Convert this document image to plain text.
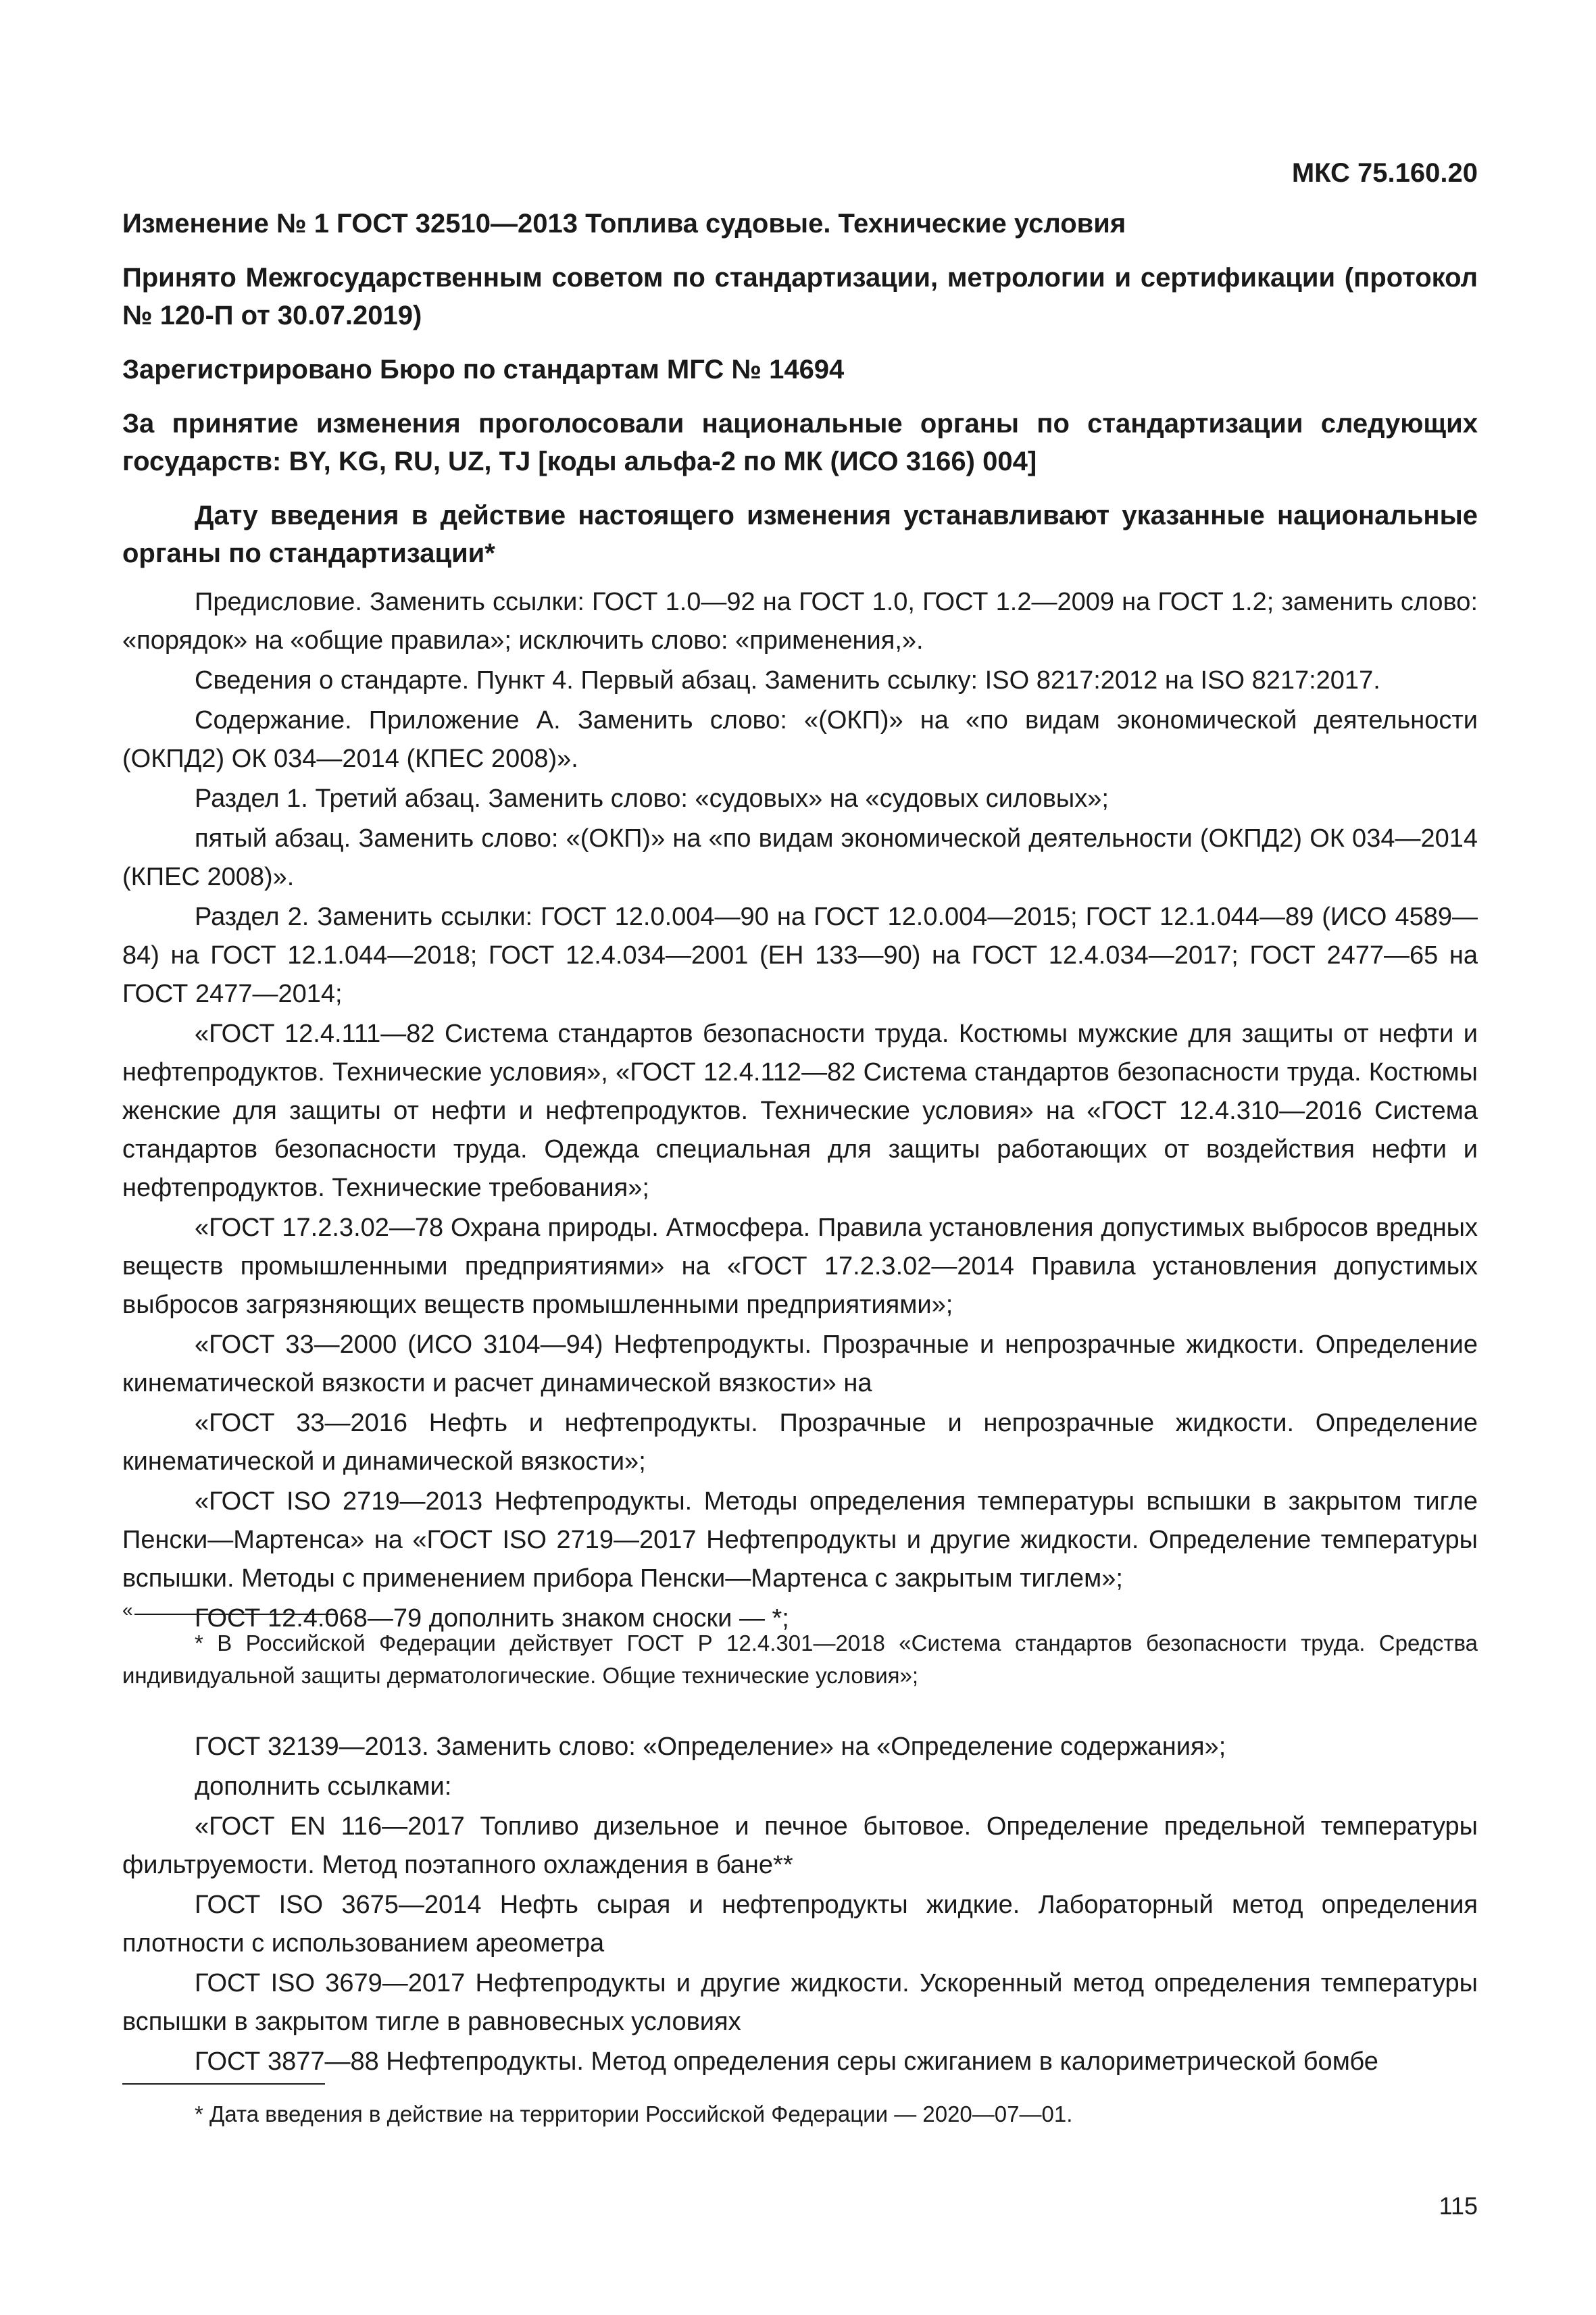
МКС 75.160.20

Изменение № 1 ГОСТ 32510—2013 Топлива судовые. Технические условия

Принято Межгосударственным советом по стандартизации, метрологии и сертификации (протокол № 120-П от 30.07.2019)

Зарегистрировано Бюро по стандартам МГС № 14694

За принятие изменения проголосовали национальные органы по стандартизации следующих государств: BY, KG, RU, UZ, TJ [коды альфа-2 по МК (ИСО 3166) 004]

Дату введения в действие настоящего изменения устанавливают указанные национальные органы по стандартизации*

Предисловие. Заменить ссылки: ГОСТ 1.0—92 на ГОСТ 1.0, ГОСТ 1.2—2009 на ГОСТ 1.2; заменить слово: «порядок» на «общие правила»; исключить слово: «применения,».

Сведения о стандарте. Пункт 4. Первый абзац. Заменить ссылку: ISO 8217:2012 на ISO 8217:2017.

Содержание. Приложение А. Заменить слово: «(ОКП)» на «по видам экономической деятельности (ОКПД2) ОК 034—2014 (КПЕС 2008)».

Раздел 1. Третий абзац. Заменить слово: «судовых» на «судовых силовых»;

пятый абзац. Заменить слово: «(ОКП)» на «по видам экономической деятельности (ОКПД2) ОК 034—2014 (КПЕС 2008)».

Раздел 2. Заменить ссылки: ГОСТ 12.0.004—90 на ГОСТ 12.0.004—2015; ГОСТ 12.1.044—89 (ИСО 4589—84) на ГОСТ 12.1.044—2018; ГОСТ 12.4.034—2001 (ЕН 133—90) на ГОСТ 12.4.034—2017; ГОСТ 2477—65 на ГОСТ 2477—2014;

«ГОСТ 12.4.111—82 Система стандартов безопасности труда. Костюмы мужские для защиты от нефти и нефтепродуктов. Технические условия», «ГОСТ 12.4.112—82 Система стандартов безопасности труда. Костюмы женские для защиты от нефти и нефтепродуктов. Технические условия» на «ГОСТ 12.4.310—2016 Система стандартов безопасности труда. Одежда специальная для защиты работающих от воздействия нефти и нефтепродуктов. Технические требования»;

«ГОСТ 17.2.3.02—78 Охрана природы. Атмосфера. Правила установления допустимых выбросов вредных веществ промышленными предприятиями» на «ГОСТ 17.2.3.02—2014 Правила установления допустимых выбросов загрязняющих веществ промышленными предприятиями»;

«ГОСТ 33—2000 (ИСО 3104—94) Нефтепродукты. Прозрачные и непрозрачные жидкости. Определение кинематической вязкости и расчет динамической вязкости» на

«ГОСТ 33—2016 Нефть и нефтепродукты. Прозрачные и непрозрачные жидкости. Определение кинематической и динамической вязкости»;

«ГОСТ ISO 2719—2013 Нефтепродукты. Методы определения температуры вспышки в закрытом тигле Пенски—Мартенса» на «ГОСТ ISO 2719—2017 Нефтепродукты и другие жидкости. Определение температуры вспышки. Методы с применением прибора Пенски—Мартенса с закрытым тиглем»;

ГОСТ 12.4.068—79 дополнить знаком сноски — *;

«

* В Российской Федерации действует ГОСТ Р 12.4.301—2018 «Система стандартов безопасности труда. Средства индивидуальной защиты дерматологические. Общие технические условия»;

ГОСТ 32139—2013. Заменить слово: «Определение» на «Определение содержания»;

дополнить ссылками:

«ГОСТ EN 116—2017 Топливо дизельное и печное бытовое. Определение предельной температуры фильтруемости. Метод поэтапного охлаждения в бане**

ГОСТ ISO 3675—2014 Нефть сырая и нефтепродукты жидкие. Лабораторный метод определения плотности с использованием ареометра

ГОСТ ISO 3679—2017 Нефтепродукты и другие жидкости. Ускоренный метод определения температуры вспышки в закрытом тигле в равновесных условиях

ГОСТ 3877—88 Нефтепродукты. Метод определения серы сжиганием в калориметрической бомбе

* Дата введения в действие на территории Российской Федерации — 2020—07—01.

115
